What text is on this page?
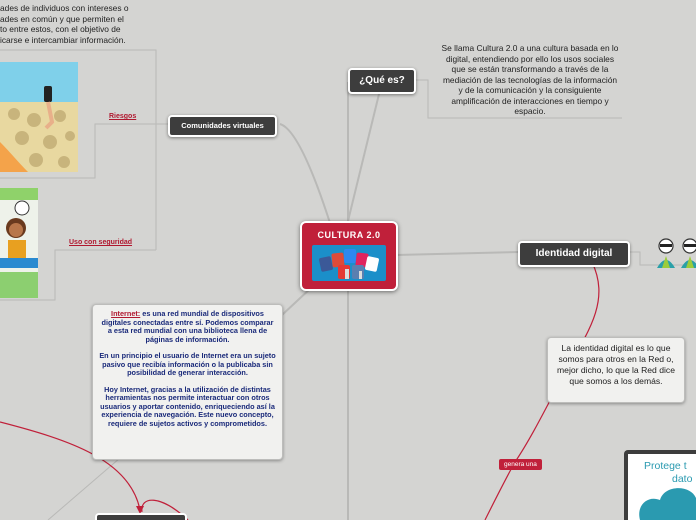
ades de individuos con intereses o
ades en común y que permiten el
to entre estos, con el objetivo de
icarse e intercambiar información.
Riesgos
Uso con seguridad
Comunidades virtuales
¿Qué es?
Se llama Cultura 2.0 a una cultura basada en lo digital, entendiendo por ello los usos sociales que se están transformando a través de la mediación de las tecnologías de la información y de la comunicación y la consiguiente amplificación de interacciones en tiempo y espacio.
CULTURA 2.0
Identidad digital
La identidad digital es lo que somos para otros en la Red o, mejor dicho, lo que la Red dice que somos a los demás.
genera una

Internet: es una red mundial de dispositivos digitales conectadas entre sí. Podemos comparar a esta red mundial con una biblioteca llena de páginas de información.

En un principio el usuario de Internet era un sujeto pasivo que recibía información o la publicaba sin posibilidad de generar interacción.

Hoy Internet, gracias a la utilización de distintas herramientas nos permite interactuar con otros usuarios y aportar contenido, enriqueciendo así la experiencia de navegación. Este nuevo concepto, requiere de sujetos activos y comprometidos.

Protege t
dato
